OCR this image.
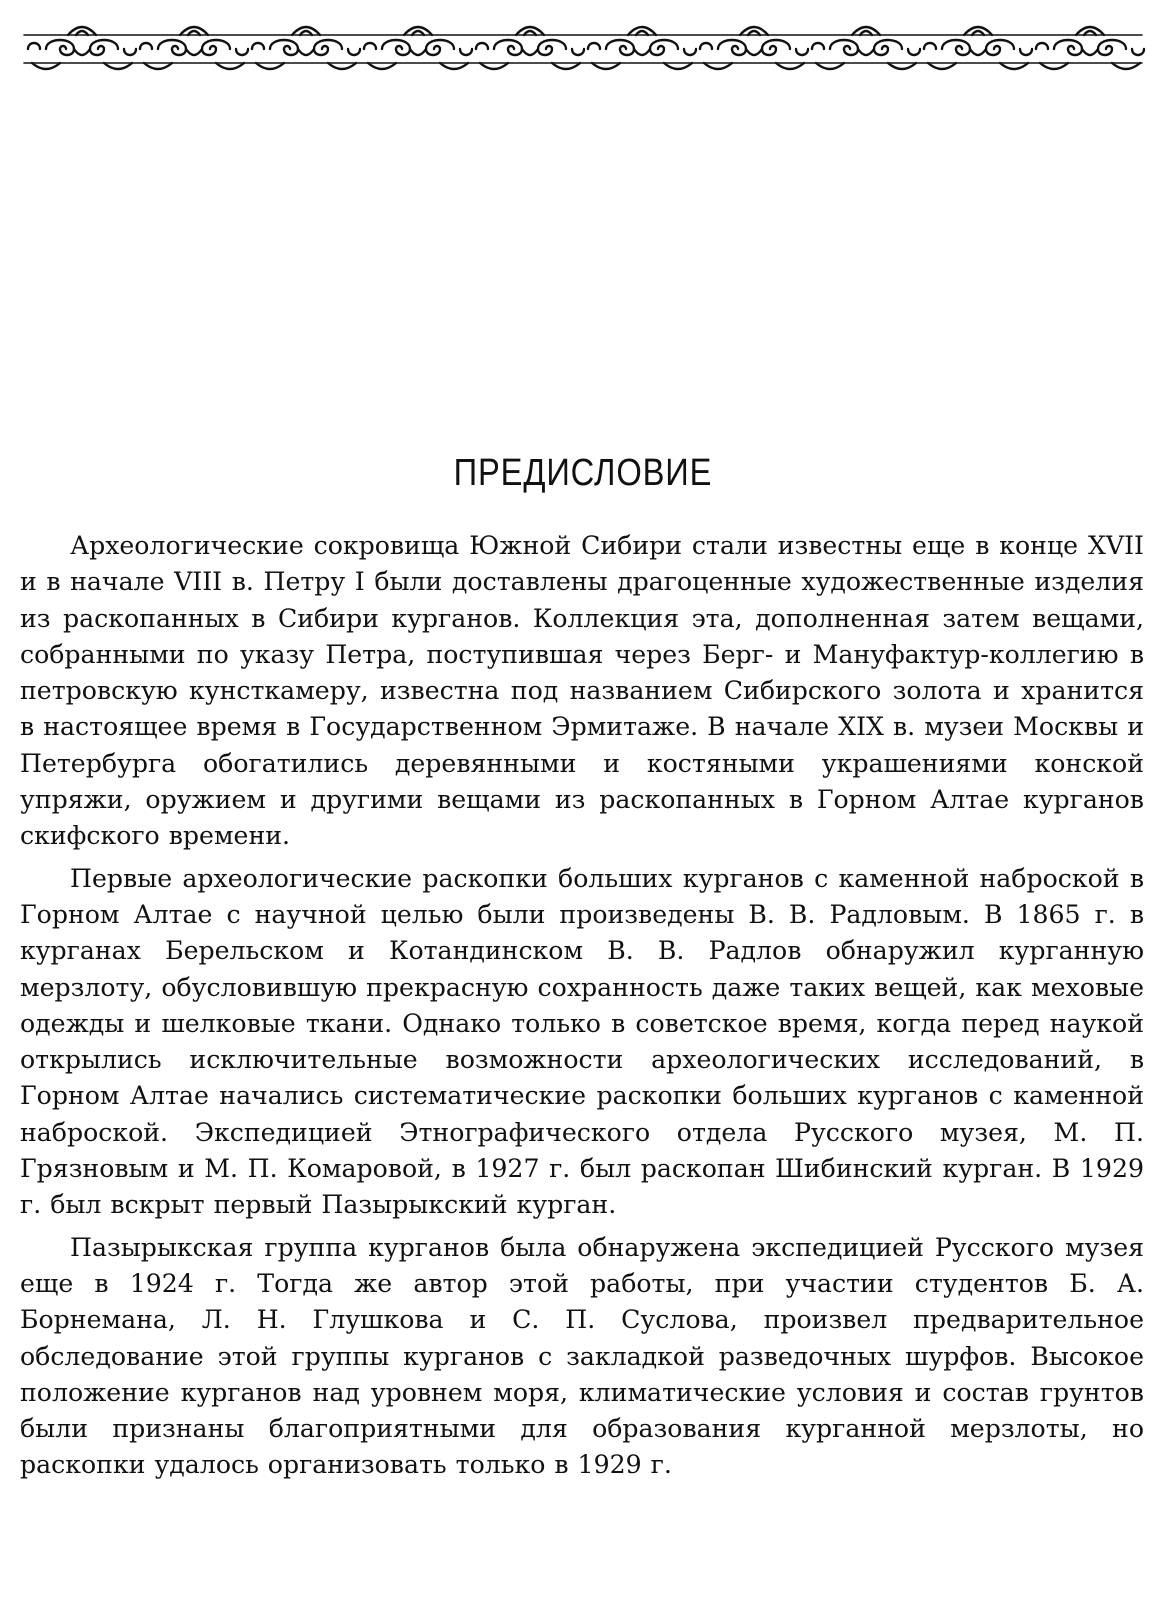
ПРЕДИСЛОВИЕ

Археологические сокровища Южной Сибири стали известны еще в конце XVII и в начале VIII в. Петру I были доставлены драгоценные художественные изделия из раскопанных в Сибири курганов. Коллекция эта, дополненная затем вещами, собранными по указу Петра, поступившая через Берг- и Мануфактур-коллегию в петровскую кунсткамеру, известна под названием Сибирского золота и хранится в настоящее время в Государственном Эрмитаже. В начале XIX в. музеи Москвы и Петербурга обогатились деревянными и костяными украшениями конской упряжи, оружием и другими вещами из раскопанных в Горном Алтае курганов скифского времени.

Первые археологические раскопки больших курганов с каменной наброской в Горном Алтае с научной целью были произведены В. В. Радловым. В 1865 г. в курганах Берельском и Котандинском В. В. Радлов обнаружил курганную мерзлоту, обусловившую прекрасную сохранность даже таких вещей, как меховые одежды и шелковые ткани. Однако только в советское время, когда перед наукой открылись исключительные возможности археологических исследований, в Горном Алтае начались систематические раскопки больших курганов с каменной наброской. Экспедицией Этнографического отдела Русского музея, М. П. Грязновым и М. П. Комаровой, в 1927 г. был раскопан Шибинский курган. В 1929 г. был вскрыт первый Пазырыкский курган.

Пазырыкская группа курганов была обнаружена экспедицией Русского музея еще в 1924 г. Тогда же автор этой работы, при участии студентов Б. А. Борнемана, Л. Н. Глушкова и С. П. Суслова, произвел предварительное обследование этой группы курганов с закладкой разведочных шурфов. Высокое положение курганов над уровнем моря, климатические условия и состав грунтов были признаны благоприятными для образования курганной мерзлоты, но раскопки удалось организовать только в 1929 г.
